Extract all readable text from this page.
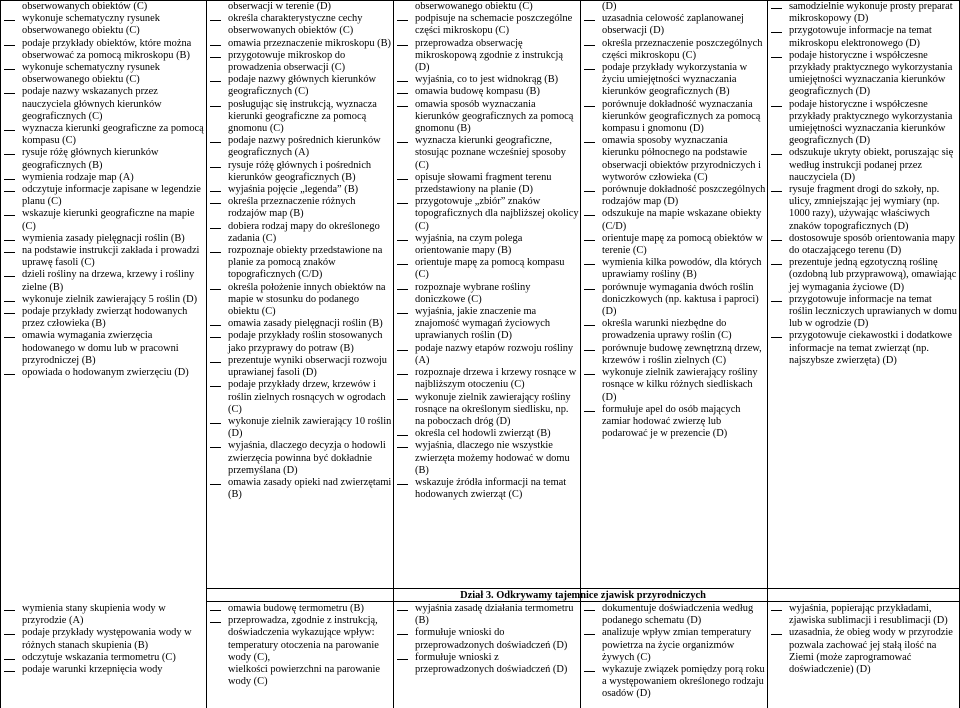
Dział 3. Odkrywamy tajemnice zjawisk przyrodniczych
obserwowanych obiektów (C)
wykonuje schematyczny rysunek obserwowanego obiektu (C)
podaje przykłady obiektów, które można obserwować za pomocą mikroskopu (B)
wykonuje schematyczny rysunek obserwowanego obiektu (C)
podaje nazwy wskazanych przez nauczyciela głównych kierunków geograficznych (C)
wyznacza kierunki geograficzne za pomocą kompasu (C)
rysuje różę głównych kierunków geograficznych (B)
wymienia rodzaje map (A)
odczytuje informacje zapisane w legendzie planu (C)
wskazuje kierunki geograficzne na mapie (C)
wymienia zasady pielęgnacji roślin (B)
na podstawie instrukcji zakłada i prowadzi uprawę fasoli (C)
dzieli rośliny na drzewa, krzewy i rośliny zielne (B)
wykonuje zielnik zawierający 5 roślin (D)
podaje przykłady zwierząt hodowanych przez człowieka (B)
omawia wymagania zwierzęcia hodowanego w domu lub w pracowni przyrodniczej (B)
opowiada o hodowanym zwierzęciu (D)
obserwacji w terenie (D)
określa charakterystyczne cechy obserwowanych obiektów (C)
omawia przeznaczenie mikroskopu (B)
przygotowuje mikroskop do prowadzenia obserwacji (C)
podaje nazwy głównych kierunków geograficznych (C)
posługując się instrukcją, wyznacza kierunki geograficzne za pomocą gnomonu (C)
podaje nazwy pośrednich kierunków geograficznych (A)
rysuje różę głównych i pośrednich kierunków geograficznych (B)
wyjaśnia pojęcie „legenda” (B)
określa przeznaczenie różnych rodzajów map (B)
dobiera rodzaj mapy do określonego zadania (C)
rozpoznaje obiekty przedstawione na planie za pomocą znaków topograficznych (C/D)
określa położenie innych obiektów na mapie w stosunku do podanego obiektu (C)
omawia zasady pielęgnacji roślin (B)
podaje przykłady roślin stosowanych jako przyprawy do potraw (B)
prezentuje wyniki obserwacji rozwoju uprawianej fasoli (D)
podaje przykłady drzew, krzewów i roślin zielnych rosnących w ogrodach (C)
wykonuje zielnik zawierający 10 roślin (D)
wyjaśnia, dlaczego decyzja o hodowli zwierzęcia powinna być dokładnie przemyślana (D)
omawia zasady opieki nad zwierzętami (B)
obserwowanego obiektu (C)
podpisuje na schemacie poszczególne części mikroskopu (C)
przeprowadza obserwację mikroskopową zgodnie z instrukcją (D)
wyjaśnia, co to jest widnokrąg (B)
omawia budowę kompasu (B)
omawia sposób wyznaczania kierunków geograficznych za pomocą gnomonu (B)
wyznacza kierunki geograficzne, stosując poznane wcześniej sposoby (C)
opisuje słowami fragment terenu przedstawiony na planie (D)
przygotowuje „zbiór” znaków topograficznych dla najbliższej okolicy (C)
wyjaśnia, na czym polega orientowanie mapy (B)
orientuje mapę za pomocą kompasu (C)
rozpoznaje wybrane rośliny doniczkowe (C)
wyjaśnia, jakie znaczenie ma znajomość wymagań życiowych uprawianych roślin (D)
podaje nazwy etapów rozwoju rośliny (A)
rozpoznaje drzewa i krzewy rosnące w najbliższym otoczeniu (C)
wykonuje zielnik zawierający rośliny rosnące na określonym siedlisku, np. na poboczach dróg (D)
określa cel hodowli zwierząt (B)
wyjaśnia, dlaczego nie wszystkie zwierzęta możemy hodować w domu (B)
wskazuje źródła informacji na temat hodowanych zwierząt (C)
(D)
uzasadnia celowość zaplanowanej obserwacji (D)
określa przeznaczenie poszczególnych części mikroskopu (C)
podaje przykłady wykorzystania w życiu umiejętności wyznaczania kierunków geograficznych (B)
porównuje dokładność wyznaczania kierunków geograficznych za pomocą kompasu i gnomonu (D)
omawia sposoby wyznaczania kierunku północnego na podstawie obserwacji obiektów przyrodniczych i wytworów człowieka (C)
porównuje dokładność poszczególnych rodzajów map (D)
odszukuje na mapie wskazane obiekty (C/D)
orientuje mapę za pomocą obiektów w terenie (C)
wymienia kilka powodów, dla których uprawiamy rośliny (B)
porównuje wymagania dwóch roślin doniczkowych (np. kaktusa i paproci) (D)
określa warunki niezbędne do prowadzenia uprawy roślin (C)
porównuje budowę zewnętrzną drzew, krzewów i roślin zielnych (C)
wykonuje zielnik zawierający rośliny rosnące w kilku różnych siedliskach (D)
formułuje apel do osób mających zamiar hodować zwierzę lub podarować je w prezencie (D)
samodzielnie wykonuje prosty preparat mikroskopowy (D)
przygotowuje informacje na temat mikroskopu elektronowego (D)
podaje historyczne i współczesne przykłady praktycznego wykorzystania umiejętności wyznaczania kierunków geograficznych (D)
podaje historyczne i współczesne przykłady praktycznego wykorzystania umiejętności wyznaczania kierunków geograficznych (D)
odszukuje ukryty obiekt, poruszając się według instrukcji podanej przez nauczyciela (D)
rysuje fragment drogi do szkoły, np. ulicy, zmniejszając jej wymiary (np. 1000 razy), używając właściwych znaków topograficznych (D)
dostosowuje sposób orientowania mapy do otaczającego terenu (D)
prezentuje jedną egzotyczną roślinę (ozdobną lub przyprawową), omawiając jej wymagania życiowe (D)
przygotowuje informacje na temat roślin leczniczych uprawianych w domu lub w ogrodzie (D)
przygotowuje ciekawostki i dodatkowe informacje na temat zwierząt (np. najszybsze zwierzęta) (D)
wymienia stany skupienia wody w przyrodzie (A)
podaje przykłady występowania wody w różnych stanach skupienia (B)
odczytuje wskazania termometru (C)
podaje warunki krzepnięcia wody
omawia budowę termometru (B)
przeprowadza, zgodnie z instrukcją, doświadczenia wykazujące wpływ:
temperatury otoczenia na parowanie wody (C),
wielkości powierzchni na parowanie wody (C)
wyjaśnia zasadę działania termometru (B)
formułuje wnioski do przeprowadzonych doświadczeń (D)
formułuje wnioski z przeprowadzonych doświadczeń (D)
dokumentuje doświadczenia według podanego schematu (D)
analizuje wpływ zmian temperatury powietrza na życie organizmów żywych (C)
wykazuje związek pomiędzy porą roku a występowaniem określonego rodzaju osadów (D)
wyjaśnia, popierając przykładami, zjawiska sublimacji i resublimacji (D)
uzasadnia, że obieg wody w przyrodzie pozwala zachować jej stałą ilość na Ziemi (może zaprogramować doświadczenie) (D)
